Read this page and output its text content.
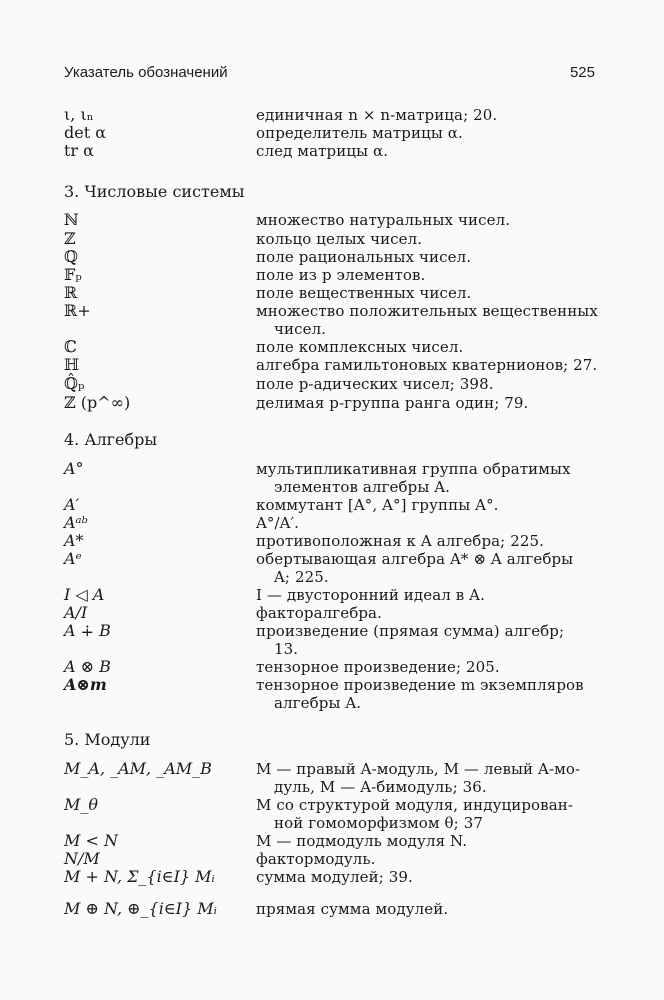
Указатель обозначений	525
ι, ιₙ	единичная n × n-матрица; 20.
det α	определитель матрицы α.
tr α	след матрицы α.
3. Числовые системы
ℕ	множество натуральных чисел.
ℤ	кольцо целых чисел.
ℚ	поле рациональных чисел.
𝔽ₚ	поле из p элементов.
ℝ	поле вещественных чисел.
ℝ+	множество положительных вещественных
чисел.
ℂ	поле комплексных чисел.
ℍ	алгебра гамильтоновых кватернионов; 27.
ℚ̂ₚ	поле p-адических чисел; 398.
ℤ (p^∞)	делимая p-группа ранга один; 79.
4. Алгебры
A°	мультипликативная группа обратимых
элементов алгебры A.
A′	коммутант [A°, A°] группы A°.
Aᵃᵇ	A°/A′.
A*	противоположная к A алгебра; 225.
Aᵉ	обертывающая алгебра A* ⊗ A алгебры
A; 225.
I ◁ A	I — двусторонний идеал в A.
A/I	факторалгебра.
A ∔ B	произведение (прямая сумма) алгебр;
13.
A ⊗ B	тензорное произведение; 205.
A⊗m	тензорное произведение m экземпляров
алгебры A.
5. Модули
M_A, _AM, _AM_B	M — правый A-модуль, M — левый A-мо-
дуль, M — A-бимодуль; 36.
M_θ	M со структурой модуля, индуцирован-
ной гомоморфизмом θ; 37
M < N	M — подмодуль модуля N.
N/M	фактормодуль.
M + N, Σ_{i∈I} Mᵢ	сумма модулей; 39.
M ⊕ N, ⊕_{i∈I} Mᵢ	прямая сумма модулей.
